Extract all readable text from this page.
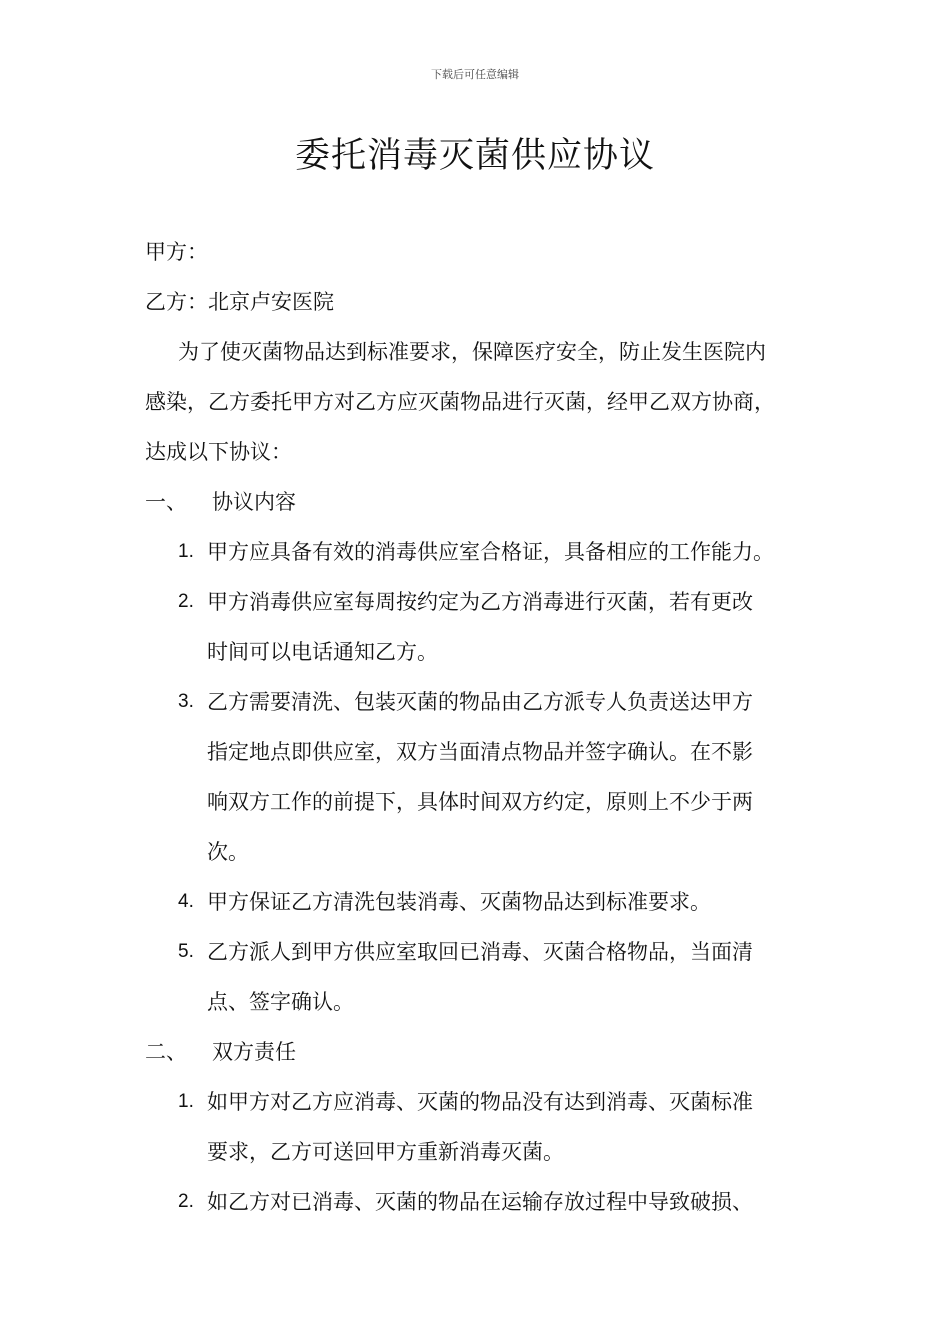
下载后可任意编辑
委托消毒灭菌供应协议
甲方：
乙方：北京卢安医院
为了使灭菌物品达到标准要求，保障医疗安全，防止发生医院内
感染，乙方委托甲方对乙方应灭菌物品进行灭菌，经甲乙双方协商，
达成以下协议：
一、 协议内容
1. 甲方应具备有效的消毒供应室合格证，具备相应的工作能力。
2. 甲方消毒供应室每周按约定为乙方消毒进行灭菌，若有更改
时间可以电话通知乙方。
3. 乙方需要清洗、包装灭菌的物品由乙方派专人负责送达甲方
指定地点即供应室，双方当面清点物品并签字确认。在不影
响双方工作的前提下，具体时间双方约定，原则上不少于两
次。
4. 甲方保证乙方清洗包装消毒、灭菌物品达到标准要求。
5. 乙方派人到甲方供应室取回已消毒、灭菌合格物品，当面清
点、签字确认。
二、 双方责任
1. 如甲方对乙方应消毒、灭菌的物品没有达到消毒、灭菌标准
要求，乙方可送回甲方重新消毒灭菌。
2. 如乙方对已消毒、灭菌的物品在运输存放过程中导致破损、
